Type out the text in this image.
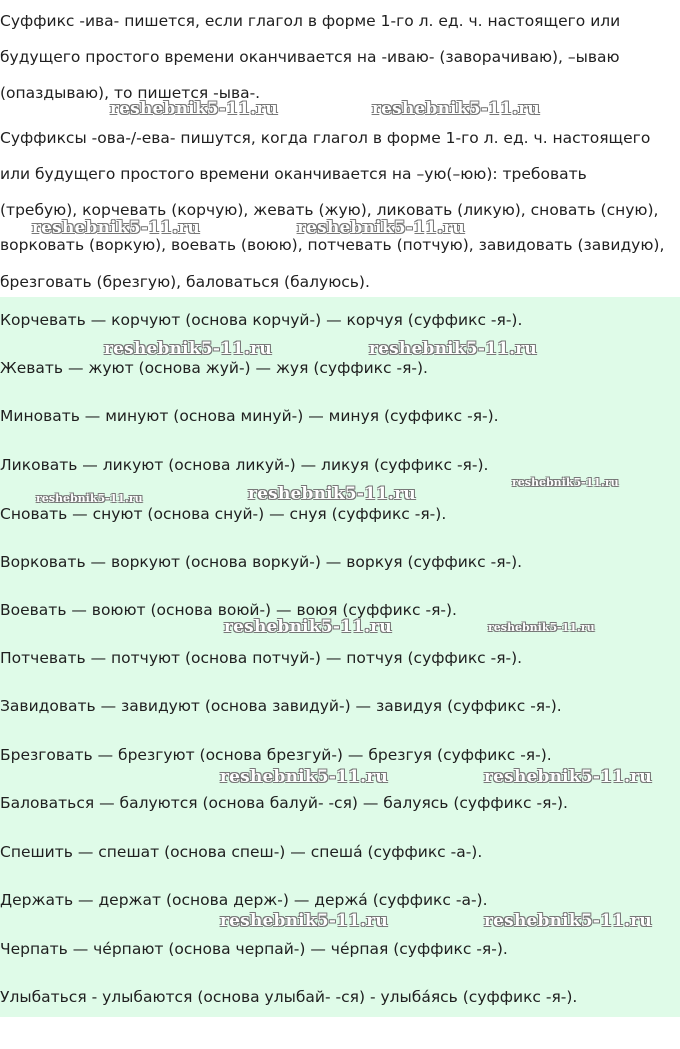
Суффикс -ива- пишется, если глагол в форме 1-го л. ед. ч. настоящего или

будущего простого времени оканчивается на -иваю- (заворачиваю), –ываю

(опаздываю), то пишется -ыва-.

Суффиксы -ова-/-ева- пишутся, когда глагол в форме 1-го л. ед. ч. настоящего

или будущего простого времени оканчивается на –ую(–юю): требовать

(требую), корчевать (корчую), жевать (жую), ликовать (ликую), сновать (сную),

ворковать (воркую), воевать (воюю), потчевать (потчую), завидовать (завидую),

брезговать (брезгую), баловаться (балуюсь).

Корчевать — корчуют (основа корчуй-) — корчуя (суффикс -я-).

Жевать — жуют (основа жуй-) — жуя (суффикс -я-).

Миновать — минуют (основа минуй-) — минуя (суффикс -я-).

Ликовать — ликуют (основа ликуй-) — ликуя (суффикс -я-).

Сновать — снуют (основа снуй-) — снуя (суффикс -я-).

Ворковать — воркуют (основа воркуй-) — воркуя (суффикс -я-).

Воевать — воюют (основа воюй-) — воюя (суффикс -я-).

Потчевать — потчуют (основа потчуй-) — потчуя (суффикс -я-).

Завидовать — завидуют (основа завидуй-) — завидуя (суффикс -я-).

Брезговать — брезгуют (основа брезгуй-) — брезгуя (суффикс -я-).

Баловаться — балуются (основа балуй- -ся) — балуясь (суффикс -я-).

Спешить — спешат (основа спеш-) — спешá (суффикс -а-).

Держать — держат (основа держ-) — держá (суффикс -а-).

Черпать — чéрпают (основа черпай-) — чéрпая (суффикс -я-).

Улыбаться - улыбаются (основа улыбай- -ся) - улыбáясь (суффикс -я-).

reshebnik5-11.ru	reshebnik5-11.ru
reshebnik5-11.ru	reshebnik5-11.ru
reshebnik5-11.ru	reshebnik5-11.ru
reshebnik5-11.ru
reshebnik5-11.ru	reshebnik5-11.ru
reshebnik5-11.ru	reshebnik5-11.ru
reshebnik5-11.ru	reshebnik5-11.ru
reshebnik5-11.ru	reshebnik5-11.ru
